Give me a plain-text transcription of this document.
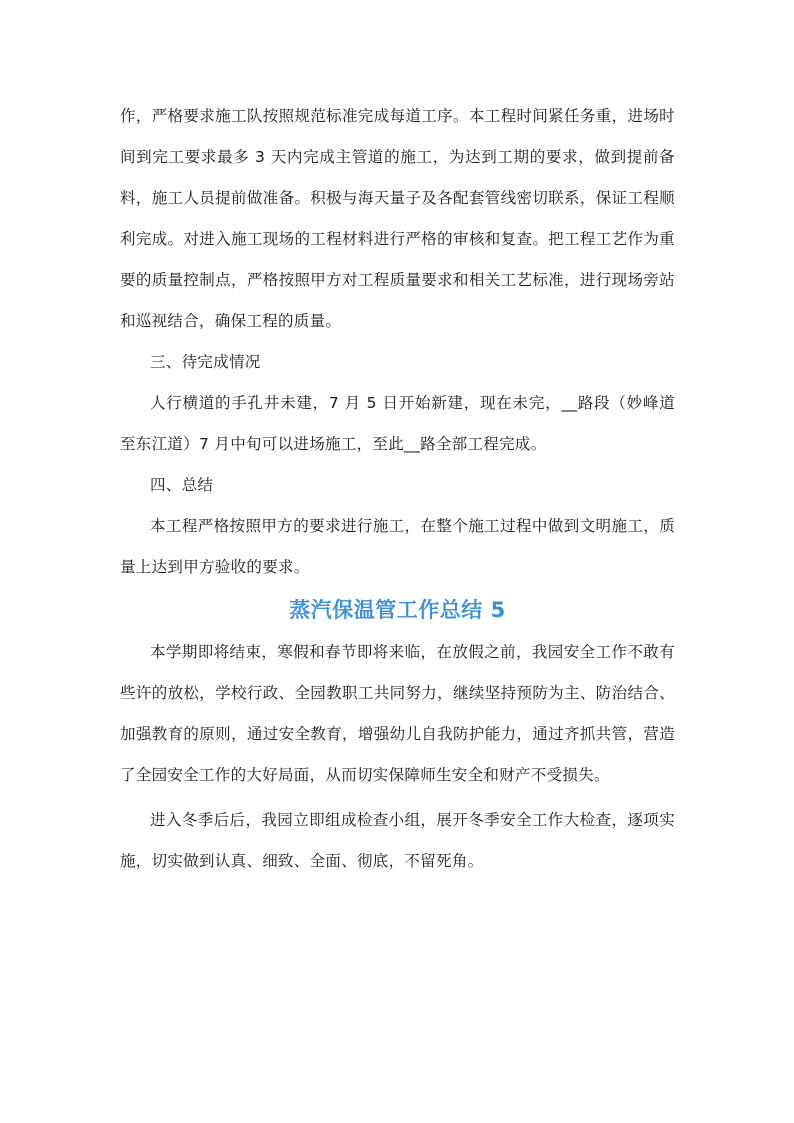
作，严格要求施工队按照规范标准完成每道工序。本工程时间紧任务重，进场时间到完工要求最多 3 天内完成主管道的施工，为达到工期的要求，做到提前备料，施工人员提前做准备。积极与海天量子及各配套管线密切联系，保证工程顺利完成。对进入施工现场的工程材料进行严格的审核和复查。把工程工艺作为重要的质量控制点，严格按照甲方对工程质量要求和相关工艺标准，进行现场旁站和巡视结合，确保工程的质量。

三、待完成情况

人行横道的手孔井未建，7 月 5 日开始新建，现在未完，__路段（妙峰道至东江道）7 月中旬可以进场施工，至此__路全部工程完成。

四、总结

本工程严格按照甲方的要求进行施工，在整个施工过程中做到文明施工，质量上达到甲方验收的要求。

蒸汽保温管工作总结 5

本学期即将结束，寒假和春节即将来临，在放假之前，我园安全工作不敢有些许的放松，学校行政、全园教职工共同努力，继续坚持预防为主、防治结合、加强教育的原则，通过安全教育，增强幼儿自我防护能力，通过齐抓共管，营造了全园安全工作的大好局面，从而切实保障师生安全和财产不受损失。

进入冬季后后，我园立即组成检查小组，展开冬季安全工作大检查，逐项实施，切实做到认真、细致、全面、彻底，不留死角。
